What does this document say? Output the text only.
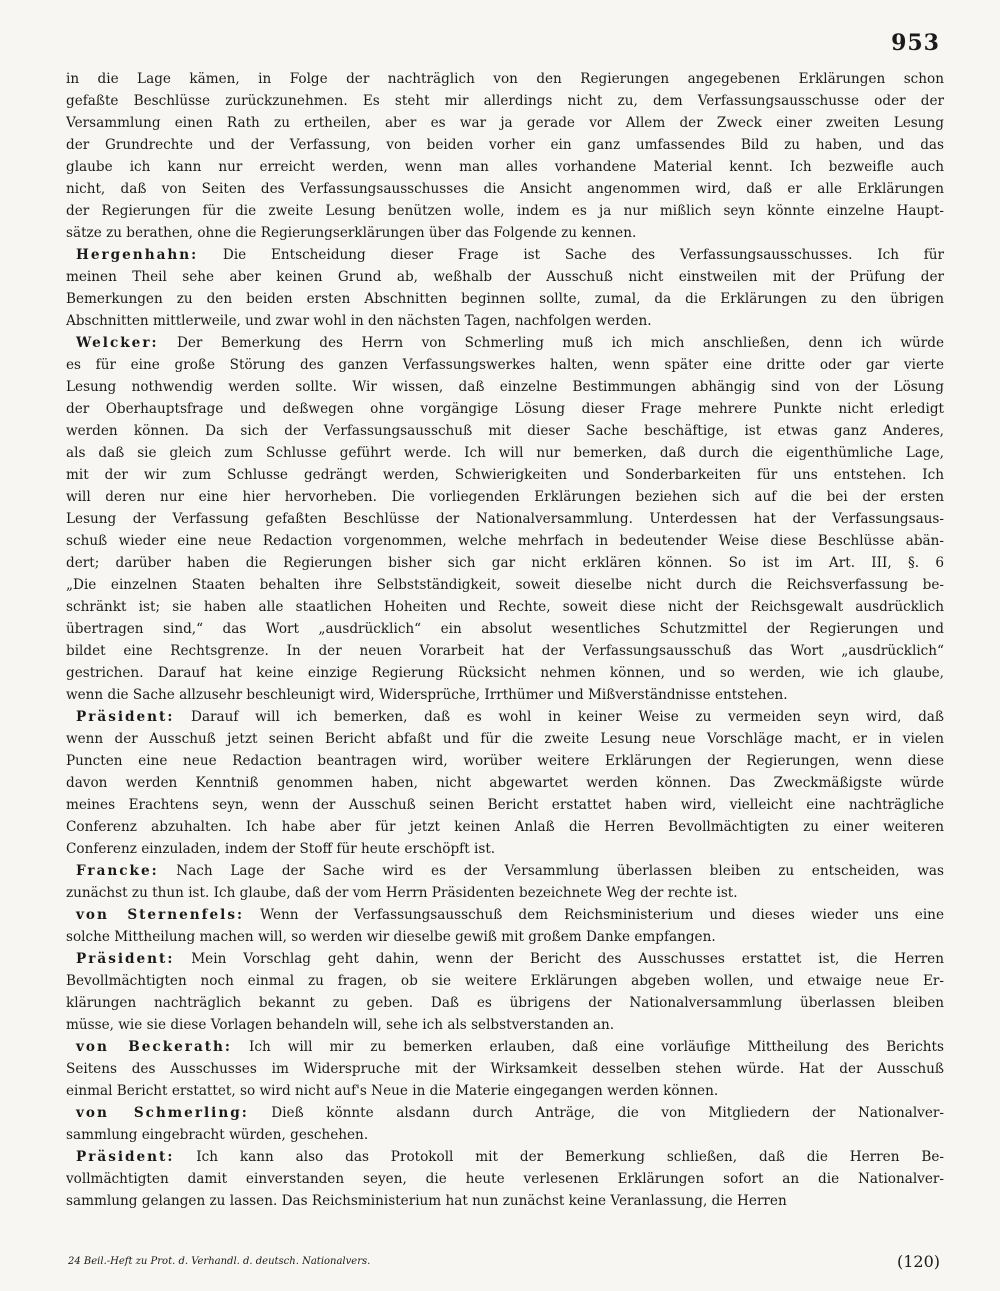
953
in die Lage kämen, in Folge der nachträglich von den Regierungen angegebenen Erklärungen schon
gefaßte Beschlüsse zurückzunehmen. Es steht mir allerdings nicht zu, dem Verfassungsausschusse oder der
Versammlung einen Rath zu ertheilen, aber es war ja gerade vor Allem der Zweck einer zweiten Lesung
der Grundrechte und der Verfassung, von beiden vorher ein ganz umfassendes Bild zu haben, und das
glaube ich kann nur erreicht werden, wenn man alles vorhandene Material kennt. Ich bezweifle auch
nicht, daß von Seiten des Verfassungsausschusses die Ansicht angenommen wird, daß er alle Erklärungen
der Regierungen für die zweite Lesung benützen wolle, indem es ja nur mißlich seyn könnte einzelne Haupt-
sätze zu berathen, ohne die Regierungserklärungen über das Folgende zu kennen.
Hergenhahn: Die Entscheidung dieser Frage ist Sache des Verfassungsausschusses. Ich für
meinen Theil sehe aber keinen Grund ab, weßhalb der Ausschuß nicht einstweilen mit der Prüfung der
Bemerkungen zu den beiden ersten Abschnitten beginnen sollte, zumal, da die Erklärungen zu den übrigen
Abschnitten mittlerweile, und zwar wohl in den nächsten Tagen, nachfolgen werden.
Welcker: Der Bemerkung des Herrn von Schmerling muß ich mich anschließen, denn ich würde
es für eine große Störung des ganzen Verfassungswerkes halten, wenn später eine dritte oder gar vierte
Lesung nothwendig werden sollte. Wir wissen, daß einzelne Bestimmungen abhängig sind von der Lösung
der Oberhauptsfrage und deßwegen ohne vorgängige Lösung dieser Frage mehrere Punkte nicht erledigt
werden können. Da sich der Verfassungsausschuß mit dieser Sache beschäftige, ist etwas ganz Anderes,
als daß sie gleich zum Schlusse geführt werde. Ich will nur bemerken, daß durch die eigenthümliche Lage,
mit der wir zum Schlusse gedrängt werden, Schwierigkeiten und Sonderbarkeiten für uns entstehen. Ich
will deren nur eine hier hervorheben. Die vorliegenden Erklärungen beziehen sich auf die bei der ersten
Lesung der Verfassung gefaßten Beschlüsse der Nationalversammlung. Unterdessen hat der Verfassungsaus-
schuß wieder eine neue Redaction vorgenommen, welche mehrfach in bedeutender Weise diese Beschlüsse abän-
dert; darüber haben die Regierungen bisher sich gar nicht erklären können. So ist im Art. III, §. 6
„Die einzelnen Staaten behalten ihre Selbstständigkeit, soweit dieselbe nicht durch die Reichsverfassung be-
schränkt ist; sie haben alle staatlichen Hoheiten und Rechte, soweit diese nicht der Reichsgewalt ausdrücklich
übertragen sind,“ das Wort „ausdrücklich“ ein absolut wesentliches Schutzmittel der Regierungen und
bildet eine Rechtsgrenze. In der neuen Vorarbeit hat der Verfassungsausschuß das Wort „ausdrücklich“
gestrichen. Darauf hat keine einzige Regierung Rücksicht nehmen können, und so werden, wie ich glaube,
wenn die Sache allzusehr beschleunigt wird, Widersprüche, Irrthümer und Mißverständnisse entstehen.
Präsident: Darauf will ich bemerken, daß es wohl in keiner Weise zu vermeiden seyn wird, daß
wenn der Ausschuß jetzt seinen Bericht abfaßt und für die zweite Lesung neue Vorschläge macht, er in vielen
Puncten eine neue Redaction beantragen wird, worüber weitere Erklärungen der Regierungen, wenn diese
davon werden Kenntniß genommen haben, nicht abgewartet werden können. Das Zweckmäßigste würde
meines Erachtens seyn, wenn der Ausschuß seinen Bericht erstattet haben wird, vielleicht eine nachträgliche
Conferenz abzuhalten. Ich habe aber für jetzt keinen Anlaß die Herren Bevollmächtigten zu einer weiteren
Conferenz einzuladen, indem der Stoff für heute erschöpft ist.
Francke: Nach Lage der Sache wird es der Versammlung überlassen bleiben zu entscheiden, was
zunächst zu thun ist. Ich glaube, daß der vom Herrn Präsidenten bezeichnete Weg der rechte ist.
von Sternenfels: Wenn der Verfassungsausschuß dem Reichsministerium und dieses wieder uns eine
solche Mittheilung machen will, so werden wir dieselbe gewiß mit großem Danke empfangen.
Präsident: Mein Vorschlag geht dahin, wenn der Bericht des Ausschusses erstattet ist, die Herren
Bevollmächtigten noch einmal zu fragen, ob sie weitere Erklärungen abgeben wollen, und etwaige neue Er-
klärungen nachträglich bekannt zu geben. Daß es übrigens der Nationalversammlung überlassen bleiben
müsse, wie sie diese Vorlagen behandeln will, sehe ich als selbstverstanden an.
von Beckerath: Ich will mir zu bemerken erlauben, daß eine vorläufige Mittheilung des Berichts
Seitens des Ausschusses im Widerspruche mit der Wirksamkeit desselben stehen würde. Hat der Ausschuß
einmal Bericht erstattet, so wird nicht auf's Neue in die Materie eingegangen werden können.
von Schmerling: Dieß könnte alsdann durch Anträge, die von Mitgliedern der Nationalver-
sammlung eingebracht würden, geschehen.
Präsident: Ich kann also das Protokoll mit der Bemerkung schließen, daß die Herren Be-
vollmächtigten damit einverstanden seyen, die heute verlesenen Erklärungen sofort an die Nationalver-
sammlung gelangen zu lassen. Das Reichsministerium hat nun zunächst keine Veranlassung, die Herren
24 Beil.-Heft zu Prot. d. Verhandl. d. deutsch. Nationalvers.	(120)
